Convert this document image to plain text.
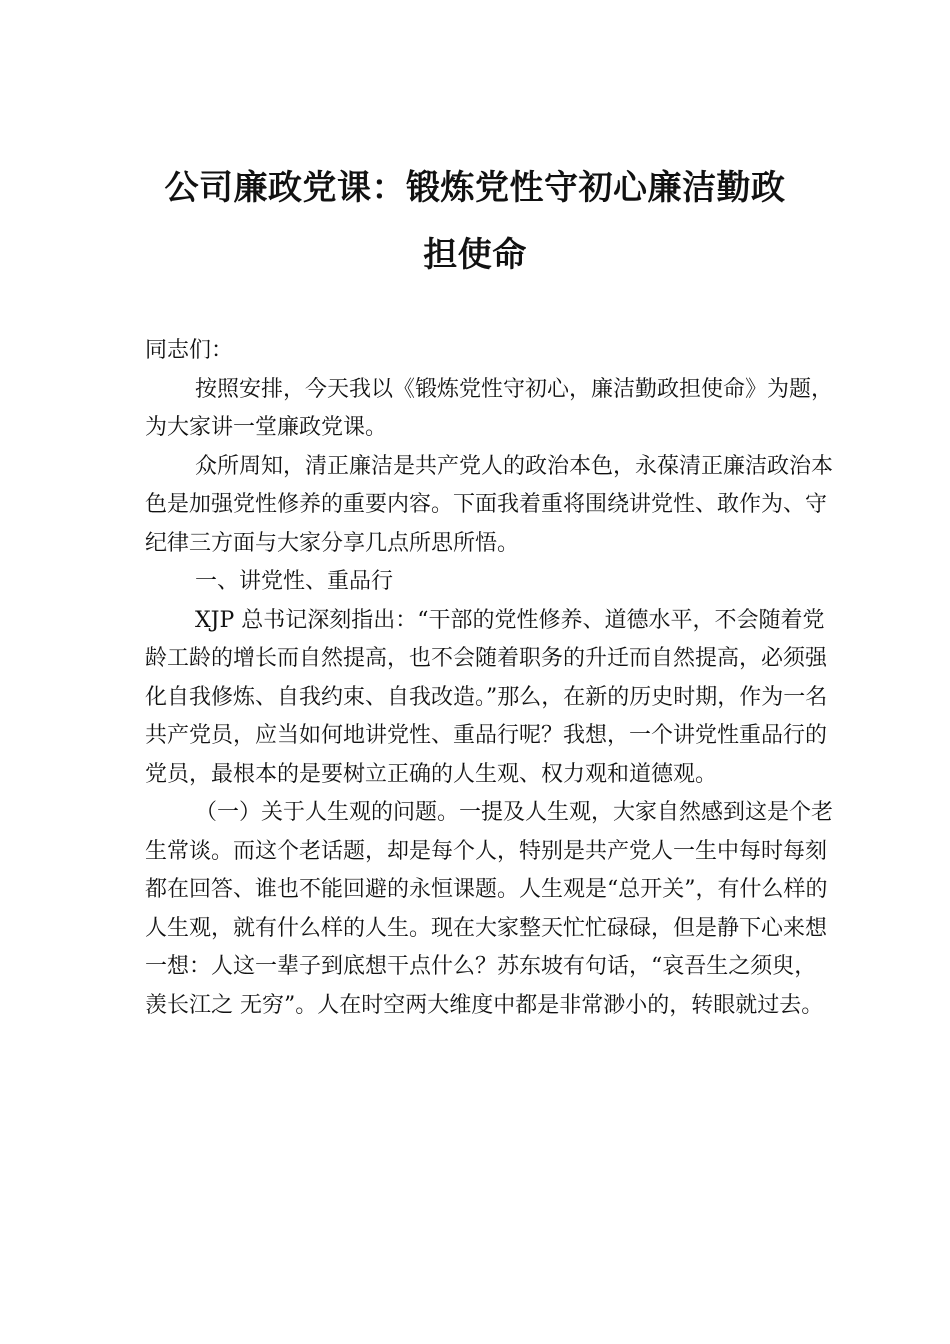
公司廉政党课：锻炼党性守初心廉洁勤政
担使命

同志们：

按照安排，今天我以《锻炼党性守初心，廉洁勤政担使命》为题，为大家讲一堂廉政党课。

众所周知，清正廉洁是共产党人的政治本色，永葆清正廉洁政治本色是加强党性修养的重要内容。下面我着重将围绕讲党性、敢作为、守纪律三方面与大家分享几点所思所悟。

一、讲党性、重品行

XJP 总书记深刻指出：“干部的党性修养、道德水平，不会随着党龄工龄的增长而自然提高，也不会随着职务的升迁而自然提高，必须强化自我修炼、自我约束、自我改造。”那么，在新的历史时期，作为一名共产党员，应当如何地讲党性、重品行呢？我想，一个讲党性重品行的党员，最根本的是要树立正确的人生观、权力观和道德观。

（一）关于人生观的问题。一提及人生观，大家自然感到这是个老生常谈。而这个老话题，却是每个人，特别是共产党人一生中每时每刻都在回答、谁也不能回避的永恒课题。人生观是“总开关”，有什么样的人生观，就有什么样的人生。现在大家整天忙忙碌碌，但是静下心来想一想：人这一辈子到底想干点什么？苏东坡有句话，“哀吾生之须臾，羡长江之 无穷”。人在时空两大维度中都是非常渺小的，转眼就过去。
